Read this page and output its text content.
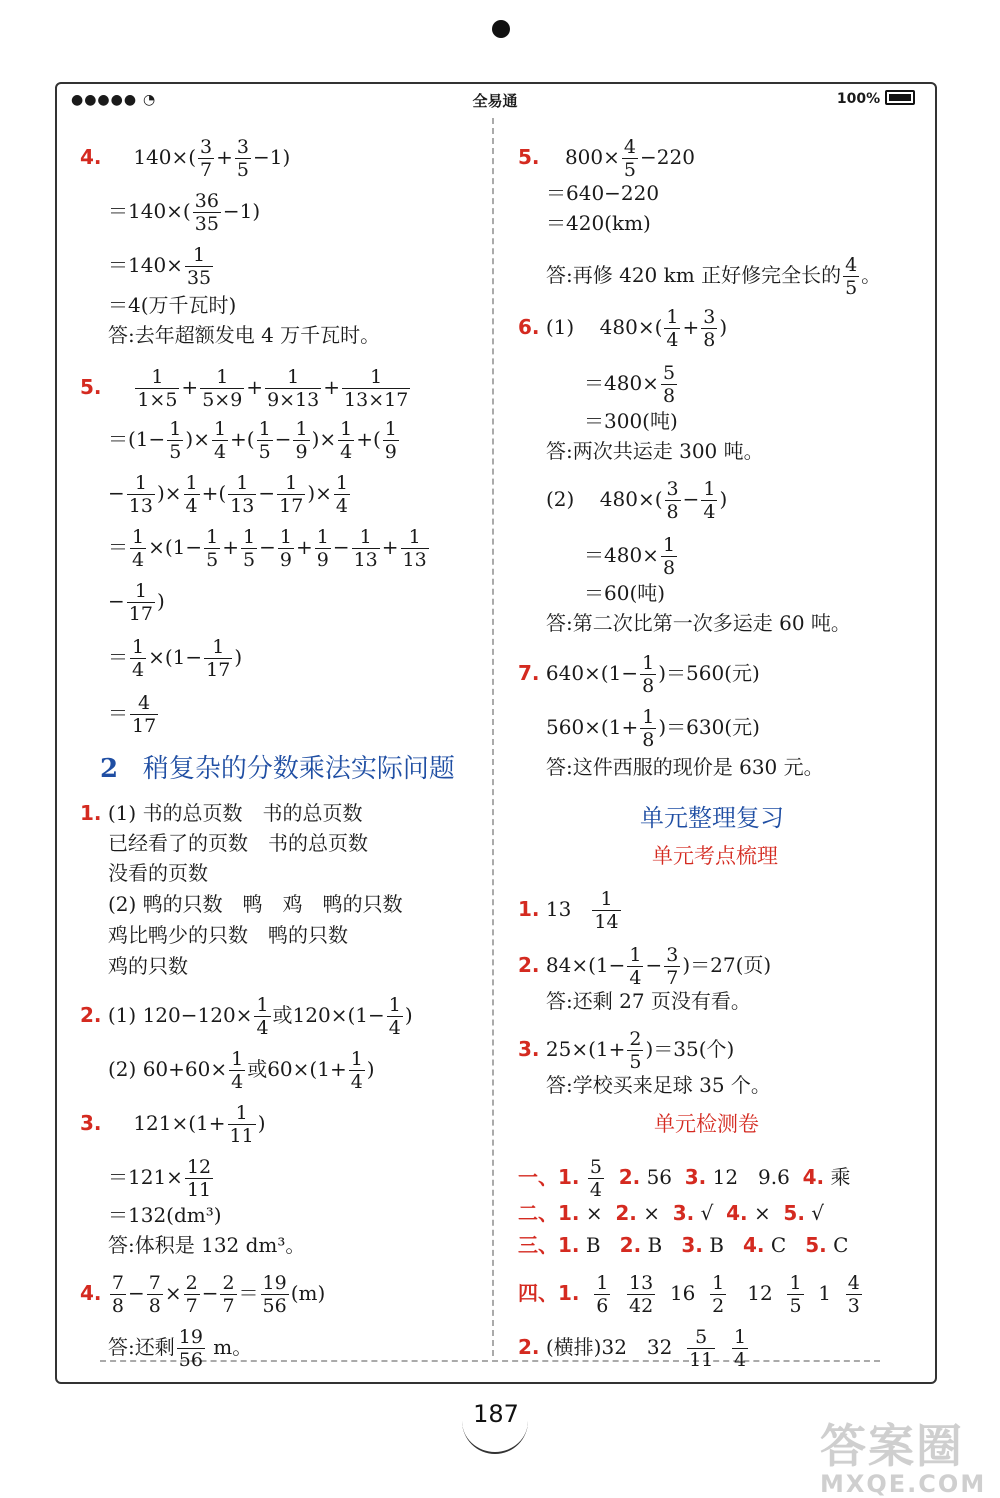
●●●●● ◔	全易通	100%
4. $140\times( \frac{3}{7} + \frac{3}{5} -1)$
$=140\times( \frac{36}{35} -1)$
$=140\times \frac{1}{35}$
＝4(万千瓦时)
答:去年超额发电 4 万千瓦时。
5. $\frac{1}{1\times 5} + \frac{1}{5\times 9} + \frac{1}{9\times 13} + \frac{1}{13\times 17}$
$=(1- \frac{1}{5}$ )× $\frac{1}{4}$ +( $\frac{1}{5} - \frac{1}{9}$ )× $\frac{1}{4}$ +( $\frac{1}{9}$
− $\frac{1}{13}$ )× $\frac{1}{4}$ +( $\frac{1}{13} - \frac{1}{17}$ )× $\frac{1}{4}$
＝ $\frac{1}{4} \times(1- \frac{1}{5} + \frac{1}{5} - \frac{1}{9} + \frac{1}{9} - \frac{1}{13} + \frac{1}{13}$
− $\frac{1}{17}$ )
＝ $\frac{1}{4} \times(1- \frac{1}{17}$ )
＝ $\frac{4}{17}$
2 稍复杂的分数乘法实际问题
1. (1) 书的总页数　书的总页数
已经看了的页数　书的总页数
没看的页数
(2) 鸭的只数　鸭　鸡　鸭的只数
鸡比鸭少的只数　鸭的只数
鸡的只数
2. (1) $120-120\times \frac{1}{4}$ 或$120\times(1- \frac{1}{4}$ )
(2) $60+60\times \frac{1}{4}$ 或$60\times(1+ \frac{1}{4}$ )
3. $121\times(1+ \frac{1}{11}$ )
$=121\times \frac{12}{11}$
＝132(dm³)
答:体积是 132 dm³。
4. $\frac{7}{8} - \frac{7}{8} \times \frac{2}{7} - \frac{2}{7} = \frac{19}{56} (m)$
答:还剩 $\frac{19}{56}$ m。
5. $800\times \frac{4}{5} -220$
＝640−220
＝420(km)
答:再修 420 km 正好修完全长的 $\frac{4}{5}$ 。
6. (1) $480\times( \frac{1}{4} + \frac{3}{8}$ )
$=480\times \frac{5}{8}$
＝300(吨)
答:两次共运走 300 吨。
(2) $480\times( \frac{3}{8} - \frac{1}{4}$ )
$=480\times \frac{1}{8}$
＝60(吨)
答:第二次比第一次多运走 60 吨。
7. $640\times(1- \frac{1}{8} )=560$(元)
$560\times(1+ \frac{1}{8} )=630$(元)
答:这件西服的现价是 630 元。
单元整理复习
单元考点梳理
1. $13 \frac{1}{14}$
2. $84\times(1- \frac{1}{4} - \frac{3}{7} )=27$(页)
答:还剩 27 页没有看。
3. $25\times(1+ \frac{2}{5} )=35$(个)
答:学校买来足球 35 个。
单元检测卷
一、1. $\frac{5}{4} 2$. 56 3. 12　9.6 4. 乘
二、1. × 2. × 3. √ 4. × 5. √
三、1. B 2. B 3. B 4. C 5. C
四、1. $\frac{1}{6}$
$\frac{13}{42} 16 \frac{1}{2} 12 \frac{1}{5} 1 \frac{4}{3}$
2. (横排)32　$32 \frac{5}{11}$
$\frac{1}{4}$
187
答案圈
MXQE.COM
